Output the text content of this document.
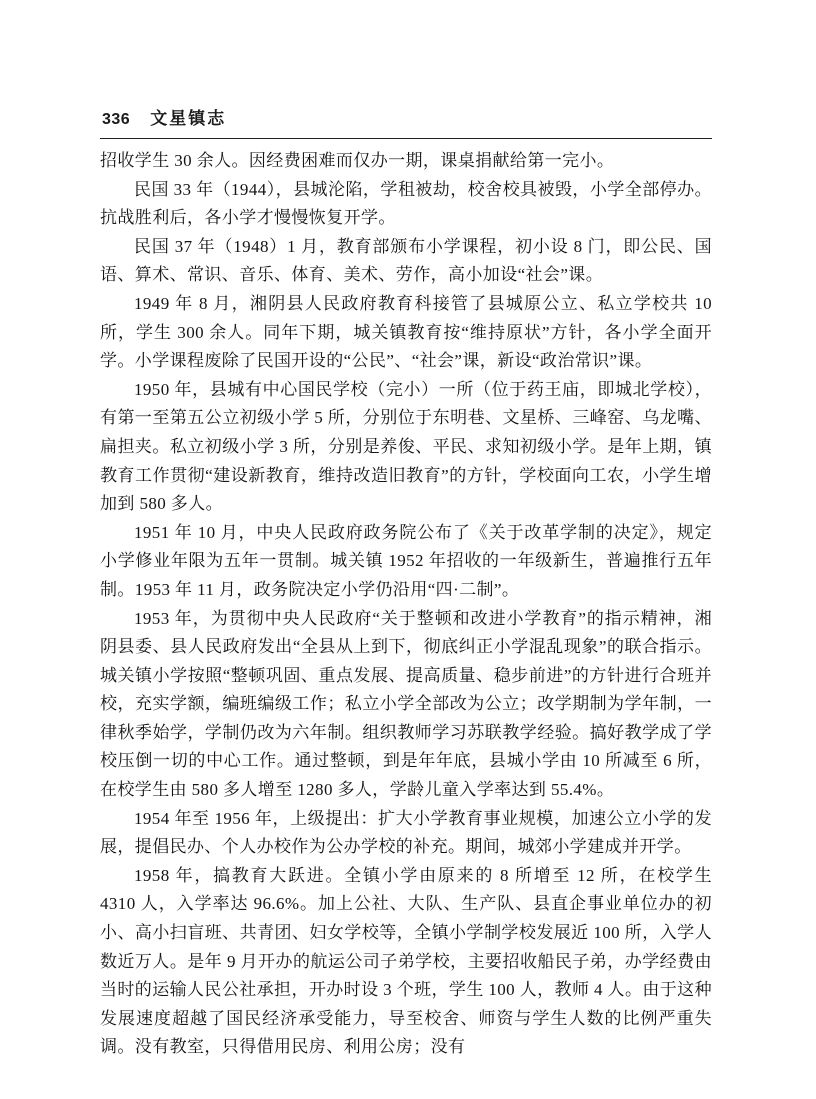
336 文星镇志

招收学生 30 余人。因经费困难而仅办一期，课桌捐献给第一完小。

民国 33 年（1944），县城沦陷，学租被劫，校舍校具被毁，小学全部停办。抗战胜利后，各小学才慢慢恢复开学。

民国 37 年（1948）1 月，教育部颁布小学课程，初小设 8 门，即公民、国语、算术、常识、音乐、体育、美术、劳作，高小加设“社会”课。

1949 年 8 月，湘阴县人民政府教育科接管了县城原公立、私立学校共 10 所，学生 300 余人。同年下期，城关镇教育按“维持原状”方针，各小学全面开学。小学课程废除了民国开设的“公民”、“社会”课，新设“政治常识”课。

1950 年，县城有中心国民学校（完小）一所（位于药王庙，即城北学校），有第一至第五公立初级小学 5 所，分别位于东明巷、文星桥、三峰窑、乌龙嘴、扁担夹。私立初级小学 3 所，分别是养俊、平民、求知初级小学。是年上期，镇教育工作贯彻“建设新教育，维持改造旧教育”的方针，学校面向工农，小学生增加到 580 多人。

1951 年 10 月，中央人民政府政务院公布了《关于改革学制的决定》，规定小学修业年限为五年一贯制。城关镇 1952 年招收的一年级新生，普遍推行五年制。1953 年 11 月，政务院决定小学仍沿用“四·二制”。

1953 年，为贯彻中央人民政府“关于整顿和改进小学教育”的指示精神，湘阴县委、县人民政府发出“全县从上到下，彻底纠正小学混乱现象”的联合指示。城关镇小学按照“整顿巩固、重点发展、提高质量、稳步前进”的方针进行合班并校，充实学额，编班编级工作；私立小学全部改为公立；改学期制为学年制，一律秋季始学，学制仍改为六年制。组织教师学习苏联教学经验。搞好教学成了学校压倒一切的中心工作。通过整顿，到是年年底，县城小学由 10 所减至 6 所，在校学生由 580 多人增至 1280 多人，学龄儿童入学率达到 55.4%。

1954 年至 1956 年，上级提出：扩大小学教育事业规模，加速公立小学的发展，提倡民办、个人办校作为公办学校的补充。期间，城郊小学建成并开学。

1958 年，搞教育大跃进。全镇小学由原来的 8 所增至 12 所，在校学生 4310 人，入学率达 96.6%。加上公社、大队、生产队、县直企事业单位办的初小、高小扫盲班、共青团、妇女学校等，全镇小学制学校发展近 100 所，入学人数近万人。是年 9 月开办的航运公司子弟学校，主要招收船民子弟，办学经费由当时的运输人民公社承担，开办时设 3 个班，学生 100 人，教师 4 人。由于这种发展速度超越了国民经济承受能力，导至校舍、师资与学生人数的比例严重失调。没有教室，只得借用民房、利用公房；没有
